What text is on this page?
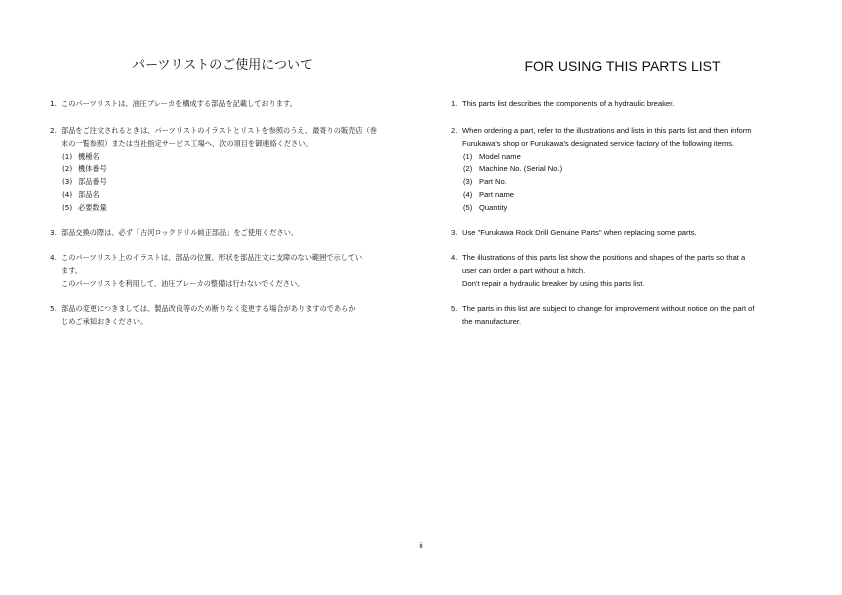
パーツリストのご使用について
1. このパーツリストは、油圧ブレーカを構成する部品を記載しております。
2. 部品をご注文されるときは、パーツリストのイラストとリストを参照のうえ、最寄りの販売店（巻
末の一覧参照）または当社指定サービス工場へ、次の項目を御連絡ください。
(1) 機種名
(2) 機体番号
(3) 部品番号
(4) 部品名
(5) 必要数量
3. 部品交換の際は、必ず「古河ロックドリル純正部品」をご使用ください。
4. このパーツリスト上のイラストは、部品の位置、形状を部品注文に支障のない範囲で示してい
ます。
このパーツリストを利用して、油圧ブレーカの整備は行わないでください。
5. 部品の変更につきましては、製品改良等のため断りなく変更する場合がありますのであらか
じめご承知おきください。
FOR USING THIS PARTS LIST
1. This parts list describes the components of a hydraulic breaker.
2. When ordering a part, refer to the illustrations and lists in this parts list and then inform
Furukawa's shop or Furukawa's designated service factory of the following items.
(1) Model name
(2) Machine No. (Serial No.)
(3) Part No.
(4) Part name
(5) Quantity
3. Use "Furukawa Rock Drill Genuine Parts" when replacing some parts.
4. The illustrations of this parts list show the positions and shapes of the parts so that a
user can order a part without a hitch.
Don't repair a hydraulic breaker by using this parts list.
5. The parts in this list are subject to change for improvement without notice on the part of
the manufacturer.
ii
